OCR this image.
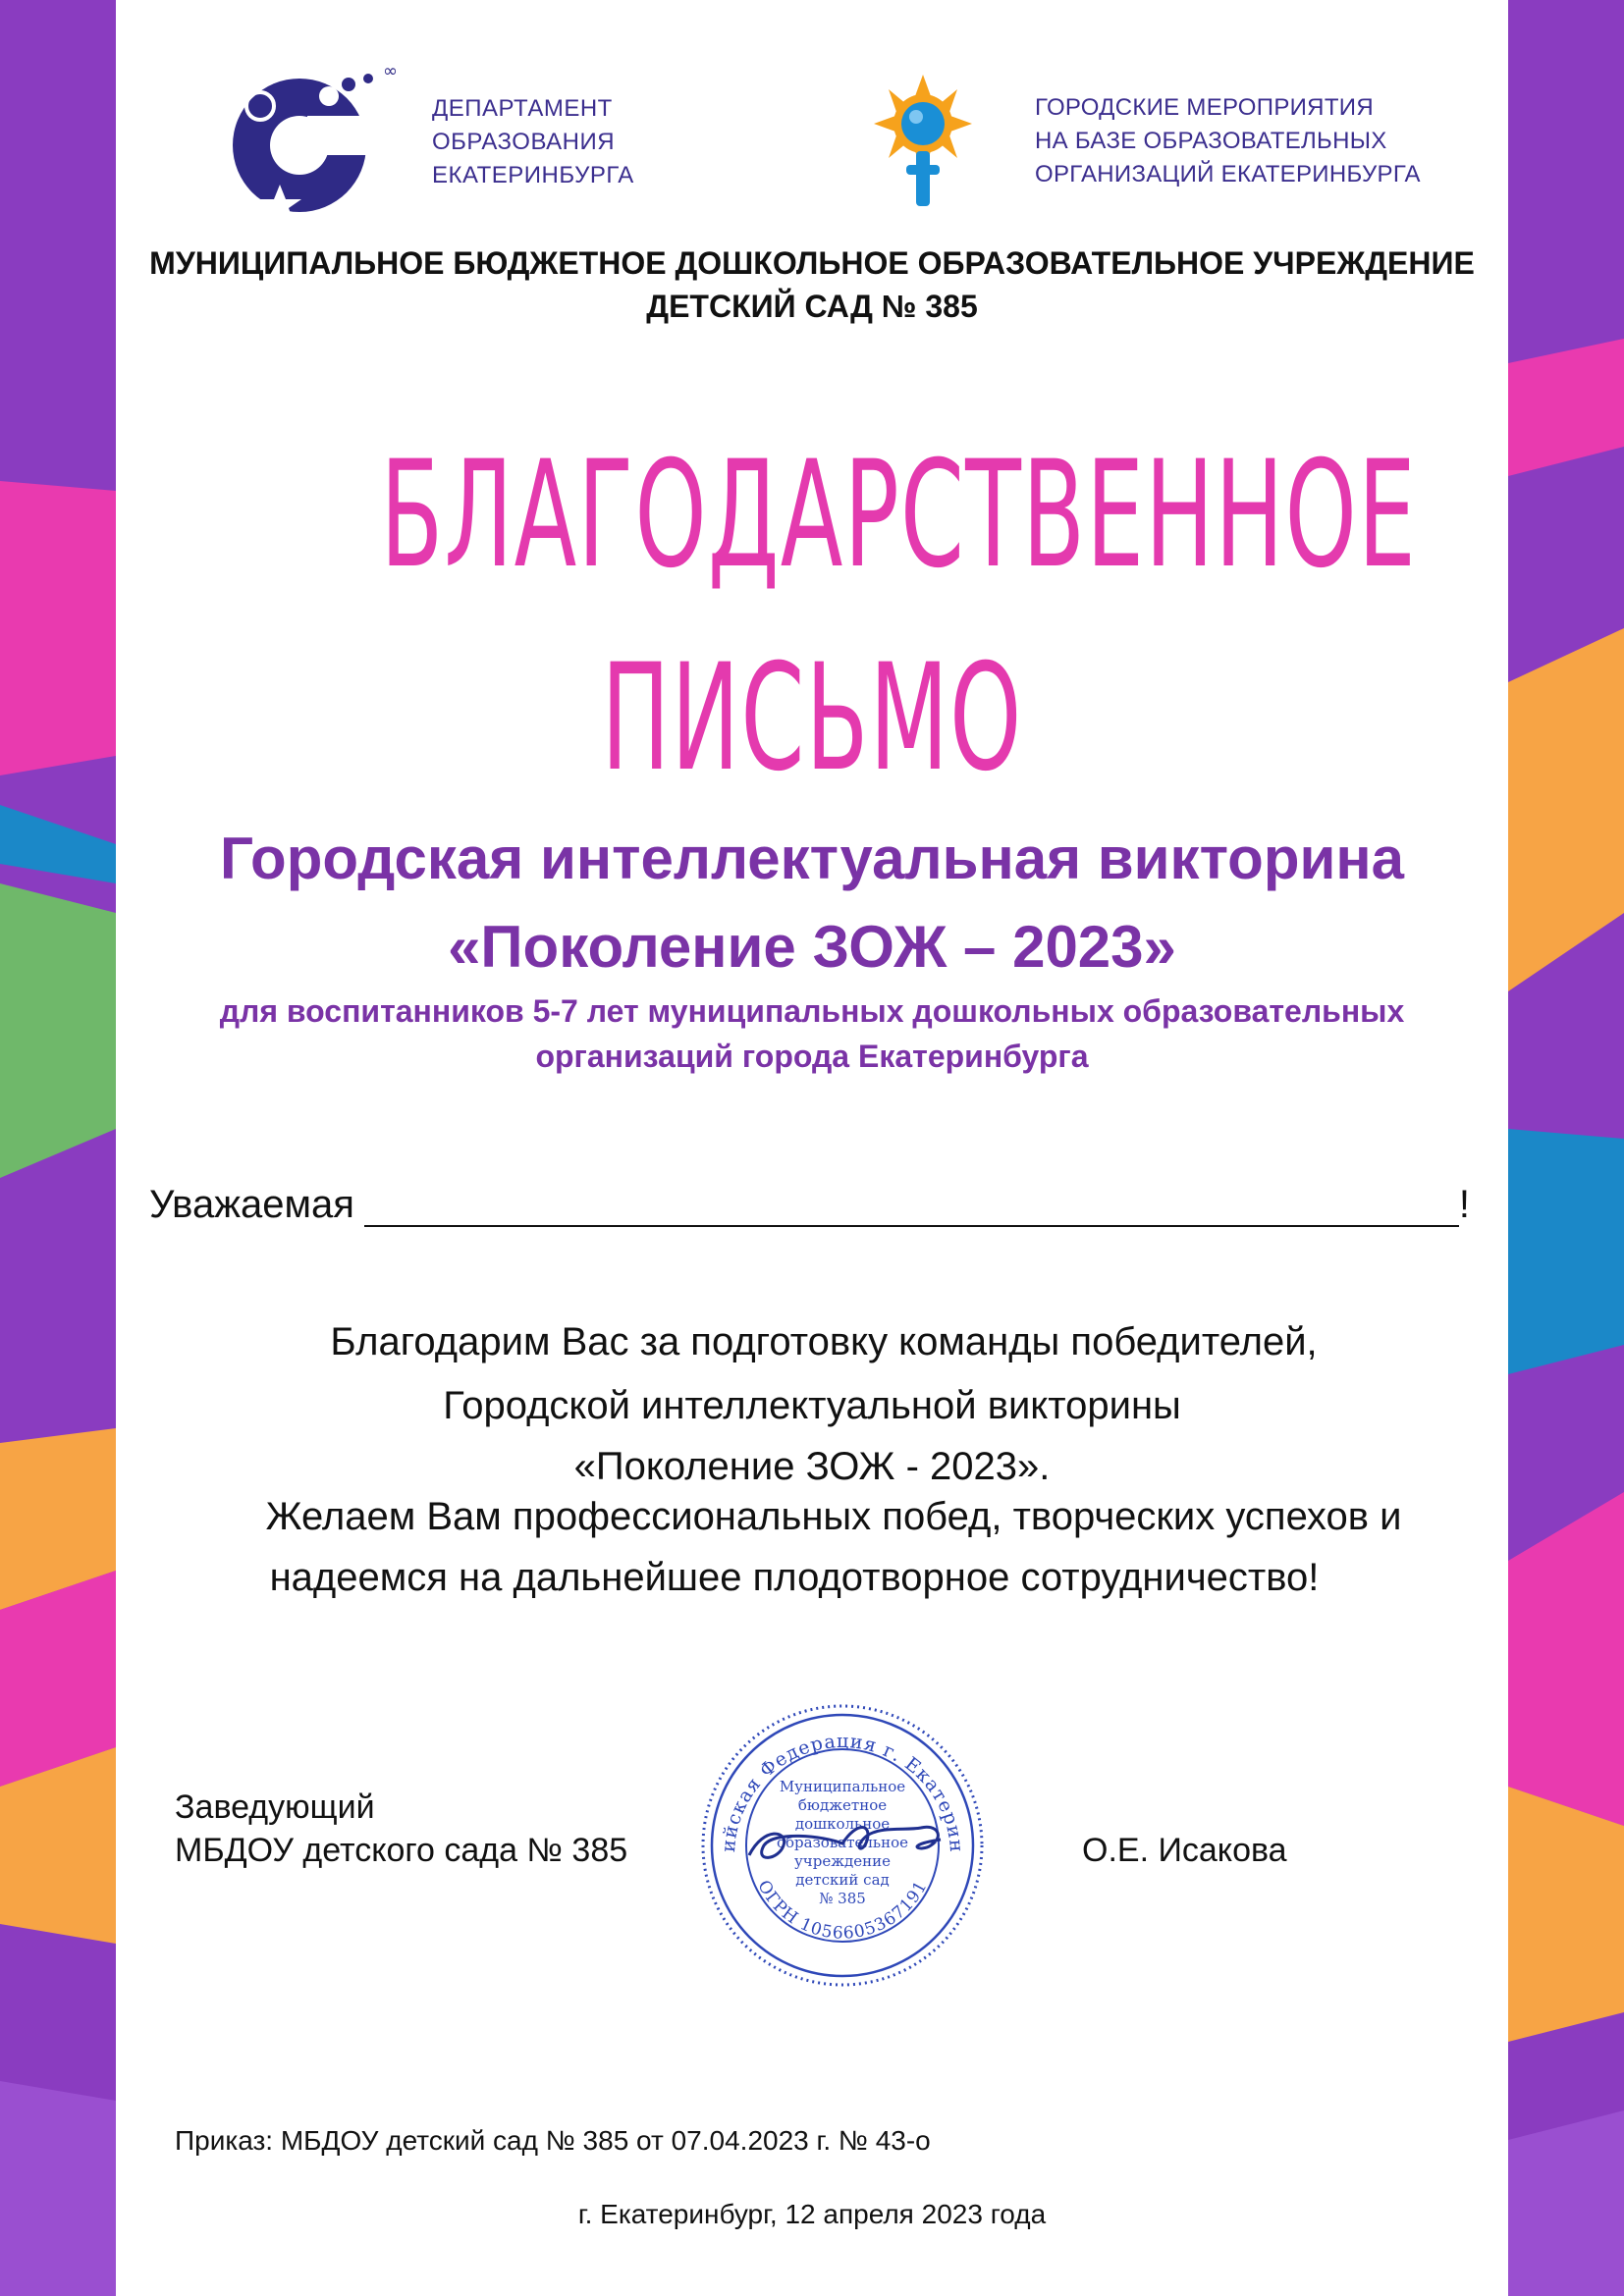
∞
ДЕПАРТАМЕНТ
ОБРАЗОВАНИЯ
ЕКАТЕРИНБУРГА
ГОРОДСКИЕ МЕРОПРИЯТИЯ
НА БАЗЕ ОБРАЗОВАТЕЛЬНЫХ
ОРГАНИЗАЦИЙ ЕКАТЕРИНБУРГА
МУНИЦИПАЛЬНОЕ БЮДЖЕТНОЕ ДОШКОЛЬНОЕ ОБРАЗОВАТЕЛЬНОЕ УЧРЕЖДЕНИЕ
ДЕТСКИЙ САД № 385
БЛАГОДАРСТВЕННОЕ
ПИСЬМО
Городская интеллектуальная викторина
«Поколение ЗОЖ – 2023»
для воспитанников 5-7 лет муниципальных дошкольных образовательных
организаций города Екатеринбурга
Уважаемая	!
Благодарим Вас за подготовку команды победителей,
Городской интеллектуальной викторины
«Поколение ЗОЖ - 2023».
Желаем Вам профессиональных побед, творческих успехов и
надеемся на дальнейшее плодотворное сотрудничество!
Заведующий
МБДОУ детского сада № 385	О.Е. Исакова
ийская Федерация г. Екатерин
ОГРН 1056605367191
Муниципальное
бюджетное
дошкольное
образовательное
учреждение
детский сад
№ 385
Приказ: МБДОУ детский сад № 385 от 07.04.2023 г. № 43-о
г. Екатеринбург, 12 апреля 2023 года
